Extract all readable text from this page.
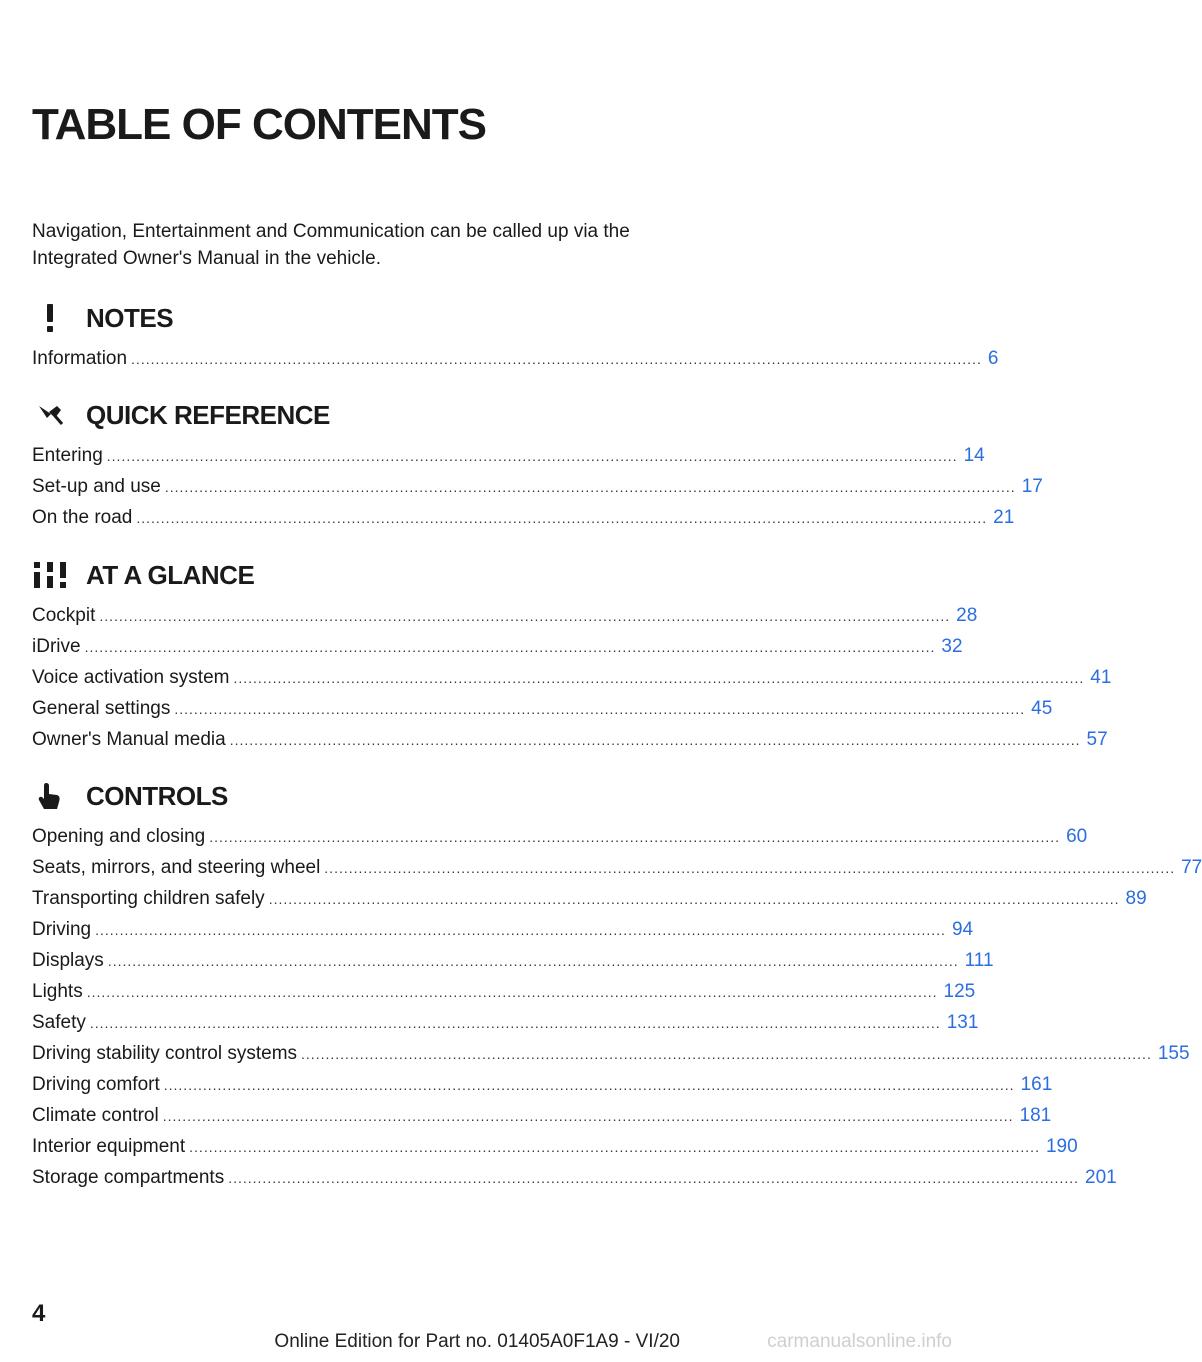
TABLE OF CONTENTS

Navigation, Entertainment and Communication can be called up via the Integrated Owner's Manual in the vehicle.

NOTES
Information .............................................................................................................................................................................. 6
QUICK REFERENCE
Entering .............................................................................................................................................................................. 14
Set-up and use .............................................................................................................................................................................. 17
On the road .............................................................................................................................................................................. 21
AT A GLANCE
Cockpit .............................................................................................................................................................................. 28
iDrive .............................................................................................................................................................................. 32
Voice activation system .............................................................................................................................................................................. 41
General settings .............................................................................................................................................................................. 45
Owner's Manual media .............................................................................................................................................................................. 57
CONTROLS
Opening and closing .............................................................................................................................................................................. 60
Seats, mirrors, and steering wheel .............................................................................................................................................................................. 77
Transporting children safely .............................................................................................................................................................................. 89
Driving .............................................................................................................................................................................. 94
Displays .............................................................................................................................................................................. 111
Lights .............................................................................................................................................................................. 125
Safety .............................................................................................................................................................................. 131
Driving stability control systems .............................................................................................................................................................................. 155
Driving comfort .............................................................................................................................................................................. 161
Climate control .............................................................................................................................................................................. 181
Interior equipment .............................................................................................................................................................................. 190
Storage compartments .............................................................................................................................................................................. 201
4
Online Edition for Part no. 01405A0F1A9 - VI/20	carmanualsonline.info
